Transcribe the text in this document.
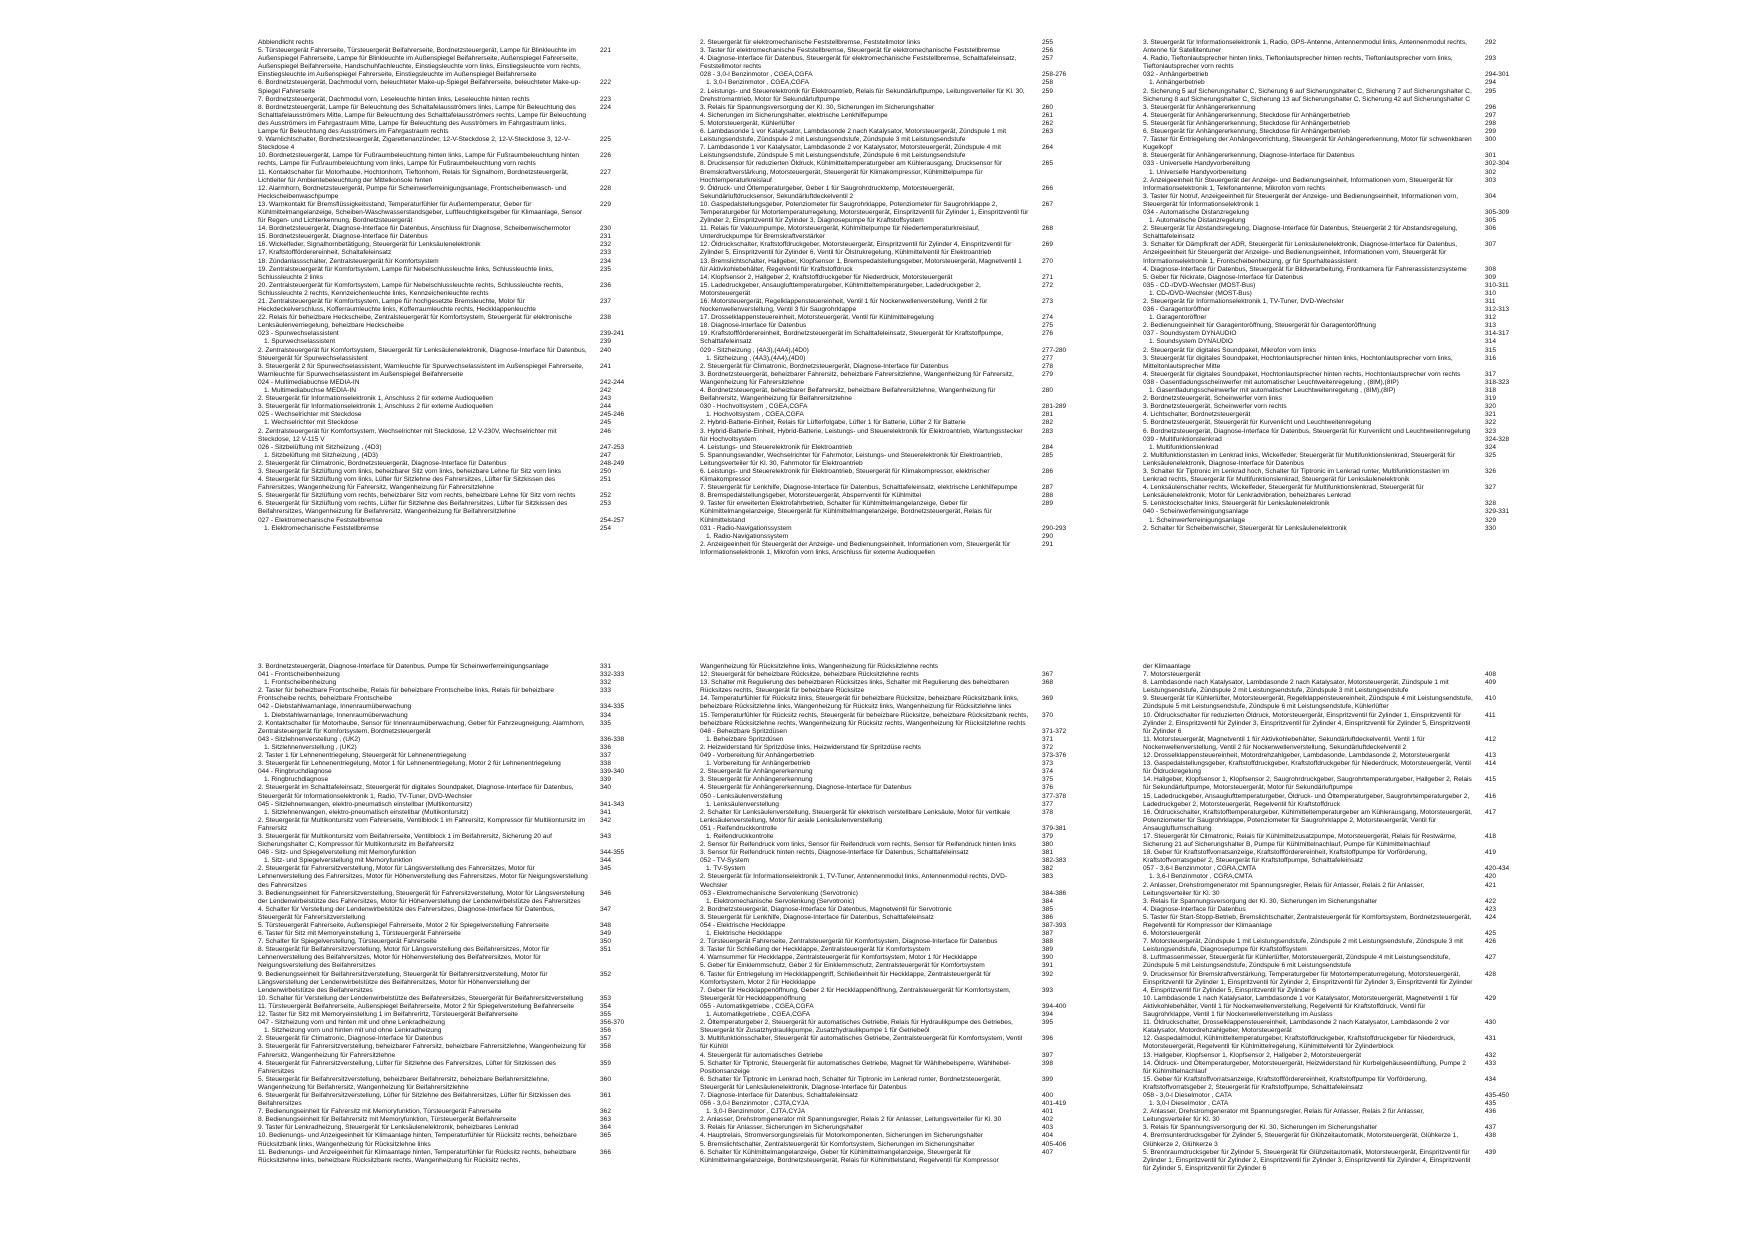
Abblendlicht rechts
5. Türsteuergerät Fahrerseite, Türsteuergerät Beifahrerseite, Bordnetzsteuergerät, Lampe für Blinkleuchte im Außenspiegel Fahrerseite, Lampe für Blinkleuchte im Außenspiegel Beifahrerseite, Außenspiegel Fahrerseite, Außenspiegel Beifahrerseite, Handschuhfachleuchte, Einstiegsleuchte vorn links, Einstiegsleuchte vorn rechts, Einstiegsleuchte im Außenspiegel Fahrerseite, Einstiegsleuchte im Außenspiegel Beifahrerseite
221
6. Bordnetzsteuergerät, Dachmodul vorn, beleuchteter Make-up-Spiegel Beifahrerseite, beleuchteter Make-up-Spiegel Fahrerseite
222
7. Bordnetzsteuergerät, Dachmodul vorn, Leseleuchte hinten links, Leseleuchte hinten rechts	223
8. Bordnetzsteuergerät, Lampe für Beleuchtung des Schaltafelausströmers links, Lampe für Beleuchtung des Schalttafelausströmers Mitte, Lampe für Beleuchtung des Schalttafelausströmers rechts, Lampe für Beleuchtung des Ausströmers im Fahrgastraum Mitte, Lampe für Beleuchtung des Ausströmers im Fahrgastraum links, Lampe für Beleuchtung des Ausströmers im Fahrgastraum rechts
224
9. Warnlichtschalter, Bordnetzsteuergerät, Zigarettenanzünder, 12-V-Steckdose 2, 12-V-Steckdose 3, 12-V-Steckdose 4
225
10. Bordnetzsteuergerät, Lampe für Fußraumbeleuchtung hinten links, Lampe für Fußraumbeleuchtung hinten rechts, Lampe für Fußraumbeleuchtung vorn links, Lampe für Fußraumbeleuchtung vorn rechts
226
11. Kontaktschalter für Motorhaube, Hochtonhorn, Tieftonhorn, Relais für Signalhorn, Bordnetzsteuergerät, Lichtleiter für Ambientebeleuchtung der Mittelkonsole hinten
227
12. Alarmhorn, Bordnetzsteuergerät, Pumpe für Scheinwerferreinigungsanlage, Frontscheibenwasch- und Heckscheibenwaschpumpe
228
13. Warnkontakt für Bremsflüssigkeitsstand, Temperaturfühler für Außentemperatur, Geber für Kühlmittelmangelanzeige, Scheiben-Waschwasserstandsgeber, Luftfeuchtigkeitsgeber für Klimaanlage, Sensor für Regen- und Lichterkennung, Bordnetzsteuergerät
229
14. Bordnetzsteuergerät, Diagnose-Interface für Datenbus, Anschluss für Diagnose, Scheibenwischermotor	230
15. Bordnetzsteuergerät, Diagnose-Interface für Datenbus	231
16. Wickelfeder, Signalhornbetätigung, Steuergerät für Lenksäulenelektronik	232
17. Kraftstoffförderereinheit, Schaltafeleinsatz	233
18. Zündanlassschalter, Zentralsteuergerät für Komfortsystem	234
19. Zentralsteuergerät für Komfortsystem, Lampe für Nebelschlussleuchte links, Schlussleuchte links, Schlussleuchte 2 links
235
20. Zentralsteuergerät für Komfortsystem, Lampe für Nebelschlussleuchte rechts, Schlussleuchte rechts, Schlussleuchte 2 rechts, Kennzeichenleuchte links, Kennzeichenleuchte rechts
236
21. Zentralsteuergerät für Komfortsystem, Lampe für hochgesetzte Bremsleuchte, Motor für Heckdeckelverschluss, Kofferraumleuchte links, Kofferraumleuchte rechts, Heckklappenleuchte
237
22. Relais für beheizbare Heckscheibe, Zentralsteuergerät für Komfortsystem, Steuergerät für elektronische Lenksäulenverriegelung, beheizbare Heckscheibe
238
023 - Spurwechselassistent	239-241
1. Spurwechselassistent	239
2. Zentralsteuergerät für Komfortsystem, Steuergerät für Lenksäulenelektronik, Diagnose-Interface für Datenbus, Steuergerät für Spurwechselassistent
240
3. Steuergerät 2 für Spurwechselassistent, Warnleuchte für Spurwechselassistent im Außenspiegel Fahrerseite, Warnleuchte für Spurwechselassistent im Außenspiegel Beifahrerseite
241
024 - Multimediabuchse MEDIA-IN	242-244
1. Multimediabuchse MEDIA-IN	242
2. Steuergerät für Informationselektronik 1, Anschluss 2 für externe Audioquellen	243
3. Steuergerät für Informationselektronik 1, Anschluss 2 für externe Audioquellen	244
025 - Wechselrichter mit Steckdose	245-246
1. Wechselrichter mit Steckdose	245
2. Zentralsteuergerät für Komfortsystem, Wechselrichter mit Steckdose, 12 V-230V, Wechselrichter mit Steckdose, 12 V-115 V
246
026 - Sitzbelüftung mit Sitzheizung , (4D3)	247-253
1. Sitzbelüftung mit Sitzheizung , (4D3)	247
2. Steuergerät für Climatronic, Bordnetzsteuergerät, Diagnose-Interface für Datenbus	248-249
3. Steuergerät für Sitzlüftung vorn links, beheizbarer Sitz vorn links, beheizbare Lehne für Sitz vorn links	250
4. Steuergerät für Sitzlüftung vorn links, Lüfter für Sitzlehne des Fahrersitzes, Lüfter für Sitzkissen des Fahrersitzes, Wangenheizung für Fahrersitz, Wangenheizung für Fahrersitzlehne
251
5. Steuergerät für Sitzlüftung vorn rechts, beheizbarer Sitz vorn rechts, beheizbare Lehne für Sitz vorn rechts	252
6. Steuergerät für Sitzlüftung vorn rechts, Lüfter für Sitzlehne des Beifahrersitzes, Lüfter für Sitzkissen des Beifahrersitzes, Wangenheizung für Beifahrersitz, Wangenheizung für Beifahrersitzlehne
253
027 - Elektromechanische Feststellbremse	254-257
1. Elektromechanische Feststellbremse	254
2. Steuergerät für elektromechanische Feststellbremse, Feststellmotor links	255
3. Taster für elektromechanische Feststellbremse, Steuergerät für elektromechanische Feststellbremse	256
4. Diagnose-Interface für Datenbus, Steuergerät für elektromechanische Feststellbremse, Schalttafeleinsatz, Feststellmotor rechts
257
028 - 3,0-l Benzinmotor , CGEA,CGFA	258-276
1. 3,0-l Benzinmotor , CGEA,CGFA	258
2. Leistungs- und Steuerelektronik für Elektroantrieb, Relais für Sekundärluftpumpe, Leitungsverteiler für Kl. 30, Drehstromantrieb, Motor für Sekundärluftpumpe
259
3. Relais für Spannungsversorgung der Kl. 30, Sicherungen im Sicherungshalter	260
4. Sicherungen im Sicherungshalter, elektrische Lenkhilfepumpe	261
5. Motorsteuergerät, Kühlerlüfter	262
6. Lambdasonde 1 vor Katalysator, Lambdasonde 2 nach Katalysator, Motorsteuergerät, Zündspule 1 mit Leistungsendstufe, Zündspule 2 mit Leistungsendstufe, Zündspule 3 mit Leistungsendstufe
263
7. Lambdasonde 1 vor Katalysator, Lambdasonde 2 vor Katalysator, Motorsteuergerät, Zündspule 4 mit Leistungsendstufe, Zündspule 5 mit Leistungsendstufe, Zündspule 6 mit Leistungsendstufe
264
8. Drucksensor für reduzierten Öldruck, Kühlmitteltemperaturgeber am Kühlerausgang, Drucksensor für Bremskraftverstärkung, Motorsteuergerät, Steuergerät für Klimakompressor, Kühlmittelpumpe für Hochtemperaturkreislauf
265
9. Öldruck- und Öltemperaturgeber, Geber 1 für Saugrohrdrucktemp, Motorsteuergerät, Sekundärluftdrucksensor, Sekundärluftdeckelventil 2
266
10. Gaspedalstellungsgeber, Potenziometer für Saugrohrklappe, Potenziometer für Saugrohrklappe 2, Temperaturgeber für Motortemperaturregelung, Motorsteuergerät, Einspritzventil für Zylinder 1, Einspritzventil für Zylinder 2, Einspritzventil für Zylinder 3, Diagnosepumpe für Kraftstoffsystem
267
11. Relais für Vakuumpumpe, Motorsteuergerät, Kühlmittelpumpe für Niedertemperaturkreislauf, Unterdruckpumpe für Bremskraftverstärker
268
12. Öldruckschalter, Kraftstoffdruckgeber, Motorsteuergerät, Einspritzventil für Zylinder 4, Einspritzventil für Zylinder 5, Einspritzventil für Zylinder 6, Ventil für Ölstrukregelung, Kühlmittelventil für Elektroantrieb
269
13. Bremslichtschalter, Hallgeber, Klopfsensor 1, Bremspedalstellungsgeber, Motorsteuergerät, Magnetventil 1 für Aktivkohlebehälter, Regelventil für Kraftstoffdruck
270
14. Klopfsensor 2, Hallgeber 2, Kraftstoffdruckgeber für Niederdruck, Motorsteuergerät	271
15. Ladedruckgeber, Ansauglufttemperaturgeber, Kühlmitteltemperaturgeber, Ladedruckgeber 2, Motorsteuergerät
272
16. Motorsteuergerät, Regelklappensteuereinheit, Ventil 1 für Nockenwellenverstellung, Ventil 2 für Nockenwellenverstellung, Ventil 3 für Saugrohrklappe
273
17. Drosselklappensteuereinheit, Motorsteuergerät, Ventil für Kühlmittelregelung	274
18. Diagnose-Interface für Datenbus	275
19. Kraftstoffförderereinheit, Bordnetzsteuergerät im Schalttafeleinsatz, Steuergerät für Kraftstoffpumpe, Schalttafeleinsatz
276
029 - Sitzheizung , (4A3),(4A4),(4D0)	277-280
1. Sitzheizung , (4A3),(4A4),(4D0)	277
2. Steuergerät für Climatronic, Bordnetzsteuergerät, Diagnose-Interface für Datenbus	278
3. Bordnetzsteuergerät, beheizbarer Fahrersitz, beheizbare Fahrersitzlehne, Wangenheizung für Fahrersitz, Wangenheizung für Fahrersitzlehne
279
4. Bordnetzsteuergerät, beheizbarer Beifahrersitz, beheizbare Beifahrersitzlehne, Wangenheizung für Beifahrersitz, Wangenheizung für Beifahrersitzlehne
280
030 - Hochvoltsystem , CGEA,CGFA	281-289
1. Hochvoltsystem , CGEA,CGFA	281
2. Hybrid-Batterie-Einheit, Relais für Lüfterfolgabe, Lüfter 1 für Batterie, Lüfter 2 für Batterie	282
3. Hybrid-Batterie-Einheit, Hybrid-Batterie, Leistungs- und Steuerelektronik für Elektroantrieb, Wartungsstecker für Hochvoltsystem
283
4. Leistungs- und Steuerelektronik für Elektroantrieb	284
5. Spannungswandler, Wechselrichter für Fahrmotor, Leistungs- und Steuerelektronik für Elektroantrieb, Leitungsverteiler für Kl. 30, Fahrmotor für Elektroantrieb
285
6. Leistungs- und Steuerelektronik für Elektroantrieb, Steuergerät für Klimakompressor, elektrischer Klimakompressor
286
7. Steuergerät für Lenkhilfe, Diagnose-Interface für Datenbus, Schalttafeleinsatz, elektrische Lenkhilfepumpe	287
8. Bremspedalstellungsgeber, Motorsteuergerät, Absperrventil für Kühlmittel	288
9. Taster für erweiterten Elektrofahrbetrieb, Schalter für Kühlmittelmangelanzeige, Geber für Kühlmittelmangelanzeige, Steuergerät für Kühlmittelmangelanzeige, Bordnetzsteuergerät, Relais für Kühlmittelstand
289
031 - Radio-Navigationssystem	290-293
1. Radio-Navigationssystem	290
2. Anzeigeeinheit für Steuergerät der Anzeige- und Bedienungseinheit, Informationen vorn, Steuergerät für Informationselektronik 1, Mikrofon vorn links, Anschluss für externe Audioquellen
291
3. Steuergerät für Informationselektronik 1, Radio, GPS-Antenne, Antennenmodul links, Antennenmodul rechts, Antenne für Satellitentuner
292
4. Radio, Tieftonlautsprecher hinten links, Tieftonlautsprecher hinten rechts, Tieftonlautsprecher vorn links, Tieftonlautsprecher vorn rechts
293
032 - Anhängerbetrieb	294-301
1. Anhängerbetrieb	294
2. Sicherung 5 auf Sicherungshalter C, Sicherung 6 auf Sicherungshalter C, Sicherung 7 auf Sicherungshalter C, Sicherung 8 auf Sicherungshalter C, Sicherung 13 auf Sicherungshalter C, Sicherung 42 auf Sicherungshalter C
295
3. Steuergerät für Anhängererkennung	296
4. Steuergerät für Anhängererkennung, Steckdose für Anhängerbetrieb	297
5. Steuergerät für Anhängererkennung, Steckdose für Anhängerbetrieb	298
6. Steuergerät für Anhängererkennung, Steckdose für Anhängerbetrieb	299
7. Taster für Entriegelung der Anhängevorrichtung, Steuergerät für Anhängererkennung, Motor für schwenkbaren Kugelkopf
300
8. Steuergerät für Anhängererkennung, Diagnose-Interface für Datenbus	301
033 - Universelle Handyvorbereitung	302-304
1. Universelle Handyvorbereitung	302
2. Anzeigeeinheit für Steuergerät der Anzeige- und Bedienungseinheit, Informationen vorn, Steuergerät für Informationselektronik 1, Telefonantenne, Mikrofon vorn rechts
303
3. Taster für Notruf, Anzeigeeinheit für Steuergerät der Anzeige- und Bedienungseinheit, Informationen vorn, Steuergerät für Informationselektronik 1
304
034 - Automatische Distanzregelung	305-309
1. Automatische Distanzregelung	305
2. Steuergerät für Abstandsregelung, Diagnose-Interface für Datenbus, Steuergerät 2 für Abstandsregelung, Schalttafeleinsatz
306
3. Schalter für Dämpfkraft der ADR, Steuergerät für Lenksäulenelektronik, Diagnose-Interface für Datenbus, Anzeigeeinheit für Steuergerät der Anzeige- und Bedienungseinheit, Informationen vorn, Steuergerät für Informationselektronik 1, Frontscheibenheizung, gr für Spurhalteassistent
307
4. Diagnose-Interface für Datenbus, Steuergerät für Bildverarbeitung, Frontkamera für Fahrerassistenzsysteme	308
5. Geber für Nickrate, Diagnose-Interface für Datenbus	309
035 - CD-/DVD-Wechsler (MOST-Bus)	310-311
1. CD-/DVD-Wechsler (MOST-Bus)	310
2. Steuergerät für Informationselektronik 1, TV-Tuner, DVD-Wechsler	311
036 - Garagentoröffner	312-313
1. Garagentoröffner	312
2. Bedienungseinheit für Garagentoröffnung, Steuergerät für Garagentoröffnung	313
037 - Soundsystem DYNAUDIO	314-317
1. Soundsystem DYNAUDIO	314
2. Steuergerät für digitales Soundpaket, Mikrofon vorn links	315
3. Steuergerät für digitales Soundpaket, Hochtonlautsprecher hinten links, Hochtonlautsprecher vorn links, Mitteltonlautsprecher Mitte
316
4. Steuergerät für digitales Soundpaket, Hochtonlautsprecher hinten rechts, Hochtonlautsprecher vorn rechts	317
038 - Gasentladungsscheinwerfer mit automatischer Leuchtweitenregelung , (8IM),(8IP)	318-323
1. Gasentladungsscheinwerfer mit automatischer Leuchtweitenregelung , (8IM),(8IP)	318
2. Bordnetzsteuergerät, Scheinwerfer vorn links	319
3. Bordnetzsteuergerät, Scheinwerfer vorn rechts	320
4. Lichtschalter, Bordnetzsteuergerät	321
5. Bordnetzsteuergerät, Steuergerät für Kurvenlicht und Leuchtweitenregelung	322
6. Bordnetzsteuergerät, Diagnose-Interface für Datenbus, Steuergerät für Kurvenlicht und Leuchtweitenregelung	323
039 - Multifunktionslenkrad	324-328
1. Multifunktionslenkrad	324
2. Multifunktionstasten im Lenkrad links, Wickelfeder, Steuergerät für Multifunktionslenkrad, Steuergerät für Lenksäulenelektronik, Diagnose-Interface für Datenbus
325
3. Schalter für Tiptronic im Lenkrad hoch, Schalter für Tiptronic im Lenkrad runter, Multifunktionstasten im Lenkrad rechts, Steuergerät für Multifunktionslenkrad, Steuergerät für Lenksäulenelektronik
326
4. Lenksäulenschalter rechts, Wickelfeder, Steuergerät für Multifunktionslenkrad, Steuergerät für Lenksäulenelektronik, Motor für Lenkradvibration, beheizbares Lenkrad
327
5. Lenkstockschalter links, Steuergerät für Lenksäulenelektronik	328
040 - Scheinwerferreinigungsanlage	329-331
1. Scheinwerferreinigungsanlage	329
2. Schalter für Scheibenwischer, Steuergerät für Lenksäulenelektronik	330
3. Bordnetzsteuergerät, Diagnose-Interface für Datenbus, Pumpe für Scheinwerferreinigungsanlage	331
041 - Frontscheibenheizung	332-333
1. Frontscheibenheizung	332
2. Taster für beheizbare Frontscheibe, Relais für beheizbare Frontscheibe links, Relais für beheizbare Frontscheibe rechts, beheizbare Frontscheibe
333
042 - Diebstahlwarnanlage, Innenraumüberwachung	334-335
1. Diebstahlwarnanlage, Innenraumüberwachung	334
2. Kontaktschalter für Motorhaube, Sensor für Innenraumüberwachung, Geber für Fahrzeugneigung, Alarmhorn, Zentralsteuergerät für Komfortsystem, Bordnetzsteuergerät
335
043 - Sitzlehnenverstellung , (UK2)	336-338
1. Sitzlehnenverstellung , (UK2)	336
2. Taster 1 für Lehnenentriegelung, Steuergerät für Lehnenentriegelung	337
3. Steuergerät für Lehnenentriegelung, Motor 1 für Lehnenentriegelung, Motor 2 für Lehnenentriegelung	338
044 - Ringbruchdiagnose	339-340
1. Ringbruchdiagnose	339
2. Steuergerät im Schalttafeleinsatz, Steuergerät für digitales Soundpaket, Diagnose-Interface für Datenbus, Steuergerät für Informationselektronik 1, Radio, TV-Tuner, DVD-Wechsler
340
045 - Sitzlehnenwangen, elektro-pneumatisch einstellbar (Multikontursitz)	341-343
1. Sitzlehnenwangen, elektro-pneumatisch einstellbar (Multikontursitz)	341
2. Steuergerät für Multikontursitz vorn Fahrerseite, Ventilblock 1 im Fahrersitz, Kompressor für Multikontursitz im Fahrersitz
342
3. Steuergerät für Multikontursitz vorn Beifahrerseite, Ventilblock 1 im Beifahrersitz, Sicherung 20 auf Sicherungshalter C, Kompressor für Multikontursitz im Beifahrersitz
343
046 - Sitz- und Spiegelverstellung mit Memoryfunktion	344-355
1. Sitz- und Spiegelverstellung mit Memoryfunktion	344
2. Steuergerät für Fahrersitzverstellung, Motor für Längsverstellung des Fahrersitzes, Motor für Lehnenverstellung des Fahrersitzes, Motor für Höhenverstellung des Fahrersitzes, Motor für Neigungsverstellung des Fahrersitzes
345
3. Bedienungseinheit für Fahrersitzverstellung, Steuergerät für Fahrersitzverstellung, Motor für Längsverstellung der Lendenwirbelstütze des Fahrersitzes, Motor für Höhenverstellung der Lendenwirbelstütze des Fahrersitzes
346
4. Schalter für Verstellung der Lendenwirbelstütze des Fahrersitzes, Diagnose-Interface für Datenbus, Steuergerät für Fahrersitzverstellung
347
5. Türsteuergerät Fahrerseite, Außenspiegel Fahrerseite, Motor 2 für Spiegelverstellung Fahrerseite	348
6. Taster für Sitz mit Memoryeinstellung 1, Türsteuergerät Fahrerseite	349
7. Schalter für Spiegelverstellung, Türsteuergerät Fahrerseite	350
8. Steuergerät für Beifahrersitzverstellung, Motor für Längsverstellung des Beifahrersitzes, Motor für Lehnenverstellung des Beifahrersitzes, Motor für Höhenverstellung des Beifahrersitzes, Motor für Neigungsverstellung des Beifahrersitzes
351
9. Bedienungseinheit für Beifahrersitzverstellung, Steuergerät für Beifahrersitzverstellung, Motor für Längsverstellung der Lendenwirbelstütze des Beifahrersitzes, Motor für Höhenverstellung der Lendenwirbelstütze des Beifahrersitzes
352
10. Schalter für Verstellung der Lendenwirbelstütze des Beifahrersitzes, Steuergerät für Beifahrersitzverstellung	353
11. Türsteuergerät Beifahrerseite, Außenspiegel Beifahrerseite, Motor 2 für Spiegelverstellung Beifahrerseite	354
12. Taster für Sitz mit Memoryeinstellung 1 im Beifahrerirtz, Türsteuergerät Beifahrerseite	355
047 - Sitzheizung vorn und hinten mit und ohne Lenkradheizung	356-370
1. Sitzheizung vorn und hinten mit und ohne Lenkradheizung	356
2. Steuergerät für Climatronic, Diagnose-Interface für Datenbus	357
3. Steuergerät für Fahrersitzverstellung, beheizbarer Fahrersitz, beheizbare Fahrersitzlehne, Wangenheizung für Fahrersitz, Wangenheizung für Fahrersitzlehne
358
4. Steuergerät für Fahrersitzverstellung, Lüfter für Sitzlehne des Fahrersitzes, Lüfter für Sitzkissen des Fahrersitzes
359
5. Steuergerät für Beifahrersitzverstellung, beheizbarer Beifahrersitz, beheizbare Beifahrersitzlehne, Wangenheizung für Beifahrersitz, Wangenheizung für Beifahrersitzlehne
360
6. Steuergerät für Beifahrersitzverstellung, Lüfter für Sitzlehne des Beifahrersitzes, Lüfter für Sitzkissen des Beifahrersitzes
361
7. Bedienungseinheit für Fahrersitz mit Memoryfunktion, Türsteuergerät Fahrerseite	362
8. Bedienungseinheit für Beifahrersitz mit Memoryfunktion, Türsteuergerät Beifahrerseite	363
9. Taster für Lenkradheizung, Steuergerät für Lenksäulenelektronik, beheizbares Lenkrad	364
10. Bedienungs- und Anzeigeeinheit für Klimaanlage hinten, Temperaturfühler für Rücksitz rechts, beheizbare Rücksitzbank links, Wangenheizung für Rücksitzlehne links
365
11. Bedienungs- und Anzeigeeinheit für Klimaanlage hinten, Temperaturfühler für Rücksitz rechts, beheizbare Rücksitzlehne links, beheizbare Rücksitzbank rechts, Wangenheizung für Rücksitz rechts,
366
Wangenheizung für Rücksitzlehne links, Wangenheizung für Rücksitzlehne rechts
12. Steuergerät für beheizbare Rücksitze, beheizbare Rücksitzlehne rechts	367
13. Schalter mit Regulierung des beheizbaren Rücksitzes links, Schalter mit Regulierung des beheizbaren Rücksitzes rechts, Steuergerät für beheizbare Rücksitze
368
14. Temperaturfühler für Rücksitz links, Steuergerät für beheizbare Rücksitze, beheizbare Rücksitzbank links, beheizbare Rücksitzlehne links, Wangenheizung für Rücksitz links, Wangenheizung für Rücksitzlehne links
369
15. Temperaturfühler für Rücksitz rechts, Steuergerät für beheizbare Rücksitze, beheizbare Rücksitzbank rechts, beheizbare Rücksitzlehne rechts, Wangenheizung für Rücksitz rechts, Wangenheizung für Rücksitzlehne rechts
370
048 - Beheizbare Spritzdüsen	371-372
1. Beheizbare Spritzdüsen	371
2. Heizwiderstand für Spritzdüse links, Heizwiderstand für Spritzdüse rechts	372
049 - Vorbereitung für Anhängerbetrieb	373-376
1. Vorbereitung für Anhängerbetrieb	373
2. Steuergerät für Anhängererkennung	374
3. Steuergerät für Anhängererkennung	375
4. Steuergerät für Anhängererkennung, Diagnose-Interface für Datenbus	376
050 - Lenksäulenverstellung	377-378
1. Lenksäulenverstellung	377
2. Schalter für Lenksäulenverstellung, Steuergerät für elektrisch verstellbare Lenksäule, Motor für vertikale Lenksäulenverstellung, Motor für axiale Lenksäulenverstellung
378
051 - Reifendruckkontrolle	379-381
1. Reifendruckkontrolle	379
2. Sensor für Reifendruck vorn links, Sensor für Reifendruck vorn rechts, Sensor für Reifendruck hinten links	380
3. Sensor für Reifendruck hinten rechts, Diagnose-Interface für Datenbus, Schalttafeleinsatz	381
052 - TV-System	382-383
1. TV-System	382
2. Steuergerät für Informationselektronik 1, TV-Tuner, Antennenmodul links, Antennenmodul rechts, DVD-Wechsler
383
053 - Elektromechanische Servolenkung (Servotronic)	384-386
1. Elektromechanische Servolenkung (Servotronic)	384
2. Bordnetzsteuergerät, Diagnose-Interface für Datenbus, Magnetventil für Servotronic	385
3. Steuergerät für Lenkhilfe, Diagnose-Interface für Datenbus, Schalttafeleinsatz	386
054 - Elektrische Heckklappe	387-393
1. Elektrische Heckklappe	387
2. Türsteuergerät Fahrerseite, Zentralsteuergerät für Komfortsystem, Diagnose-Interface für Datenbus	388
3. Taster für Schließung der Heckklappe, Zentralsteuergerät für Komfortsystem	389
4. Warnsummer für Heckklappe, Zentralsteuergerät für Komfortsystem, Motor 1 für Heckklappe	390
5. Geber für Einklemmschutz, Geber 2 für Einklemmschutz, Zentralsteuergerät für Komfortsystem	391
6. Taster für Entriegelung im Heckklappengriff, Schließeinheit für Heckklappe, Zentralsteuergerät für Komfortsystem, Motor 2 für Heckklappe
392
7. Geber für Heckklappenöffnung, Geber 2 für Heckklappenöffnung, Zentralsteuergerät für Komfortsystem, Steuergerät für Heckklappenöffnung
393
055 - Automatikgetriebe , CGEA,CGFA	394-400
1. Automatikgetriebe , CGEA,CGFA	394
2. Öltemperaturgeber 2, Steuergerät für automatisches Getriebe, Relais für Hydraulikpumpe des Getriebes, Steuergerät für Zusatzhydraulikpumpe, Zusatzhydraulikpumpe 1 für Getriebeöl
395
3. Multifunktionsschalter, Steuergerät für automatisches Getriebe, Zentralsteuergerät für Komfortsystem, Ventil für Kühlöl
396
4. Steuergerät für automatisches Getriebe	397
5. Schalter für Tiptronic, Steuergerät für automatisches Getriebe, Magnet für Wählhebelsperre, Wählhebel-Positionsanzeige
398
6. Schalter für Tiptronic im Lenkrad hoch, Schalter für Tiptronic im Lenkrad runter, Bordnetzsteuergerät, Steuergerät für Lenksäulenelektronik, Diagnose-Interface für Datenbus
399
7. Diagnose-Interface für Datenbus, Schalttafeleinsatz	400
056 - 3,0-l Benzinmotor , CJTA,CYJA	401-419
1. 3,0-l Benzinmotor , CJTA,CYJA	401
2. Anlasser, Drehstromgenerator mit Spannungsregler, Relais 2 für Anlasser, Leitungsverteiler für Kl. 30	402
3. Relais für Anlasser, Sicherungen im Sicherungshalter	403
4. Hauptrelais, Stromversorgungsrelais für Motorkomponenten, Sicherungen im Sicherungshalter	404
5. Bremslichtschalter, Zentralsteuergerät für Komfortsystem, Sicherungen im Sicherungshalter	405-406
6. Schalter für Kühlmittelmangelanzeige, Geber für Kühlmittelmangelanzeige, Steuergerät für Kühlmittelmangelanzeige, Bordnetzsteuergerät, Relais für Kühlmittelstand, Regelventil für Kompressor
407
der Klimaanlage
7. Motorsteuergerät	408
8. Lambdasonde nach Katalysator, Lambdasonde 2 nach Katalysator, Motorsteuergerät, Zündspule 1 mit Leistungsendstufe, Zündspule 2 mit Leistungsendstufe, Zündspule 3 mit Leistungsendstufe
409
9. Steuergerät für Kühlerlüfter, Motorsteuergerät, Regelklappensteuereinheit, Zündspule 4 mit Leistungsendstufe, Zündspule 5 mit Leistungsendstufe, Zündspule 6 mit Leistungsendstufe, Kühlerlüfter
410
10. Öldruckschalter für reduzierten Öldruck, Motorsteuergerät, Einspritzventil für Zylinder 1, Einspritzventil für Zylinder 2, Einspritzventil für Zylinder 3, Einspritzventil für Zylinder 4, Einspritzventil für Zylinder 5, Einspritzventil für Zylinder 6
411
11. Motorsteuergerät, Magnetventil 1 für Aktivkohlebehälter, Sekundärluftdeckelventil, Ventil 1 für Nockenwellenverstellung, Ventil 2 für Nockenwellenverstellung, Sekundärluftdeckelventil 2
412
12. Drosselklappensteuereinheit, Motordrehzahlgeber, Lambdasonde, Lambdasonde 2, Motorsteuergerät	413
13. Gaspedalstellungsgeber, Kraftstoffdruckgeber, Kraftstoffdruckgeber für Niederdruck, Motorsteuergerät, Ventil für Öldruckregelung
414
14. Hallgeber, Klopfsensor 1, Klopfsensor 2, Saugrohrdruckgeber, Saugrohrtemperaturgeber, Hallgeber 2, Relais für Sekundärluftpumpe, Motorsteuergerät, Motor für Sekundärluftpumpe
415
15. Ladedruckgeber, Ansauglufttemperaturgeber, Öldruck- und Öltemperaturgeber, Saugrohrtemperaturgeber 2, Ladedruckgeber 2, Motorsteuergerät, Regelventil für Kraftstoffdruck
416
16. Öldruckschalter, Kraftstofftemperaturgeber, Kühlmitteltemperaturgeber am Kühlerausgang, Motorsteuergerät, Potenziometer für Saugrohrklappe, Potenziometer für Saugrohrklappe 2, Motorsteuergerät, Ventil für Ansaugluftumschaltung
417
17. Steuergerät für Climatronic, Relais für Kühlmittelzusatzpumpe, Motorsteuergerät, Relais für Restwärme, Sicherung 21 auf Sicherungshalter B, Pumpe für Kühlmittelnachlauf, Pumpe für Kühlmittelnachlauf
418
18. Geber für Kraftstoffvorratsanzeige, Kraftstoffförderereinheit, Kraftstoffpumpe für Vorförderung, Kraftstoffvorratsgeber 2, Steuergerät für Kraftstoffpumpe, Schalttafeleinsatz
419
057 - 3,6-l Benzinmotor , CGRA,CMTA	420-434
1. 3,6-l Benzinmotor , CGRA,CMTA	420
2. Anlasser, Drehstromgenerator mit Spannungsregler, Relais für Anlasser, Relais 2 für Anlasser, Leitungsverteiler für Kl. 30
421
3. Relais für Spannungsversorgung der Kl. 30, Sicherungen im Sicherungshalter	422
4. Diagnose-Interface für Datenbus	423
5. Taster für Start-Stopp-Betrieb, Bremslichtschalter, Zentralsteuergerät für Komfortsystem, Bordnetzsteuergerät, Regelventil für Kompressor der Klimaanlage
424
6. Motorsteuergerät	425
7. Motorsteuergerät, Zündspule 1 mit Leistungsendstufe, Zündspule 2 mit Leistungsendstufe, Zündspule 3 mit Leistungsendstufe, Diagnosepumpe für Kraftstoffsystem
426
8. Luftmassenmesser, Steuergerät für Kühlerlüfter, Motorsteuergerät, Zündspule 4 mit Leistungsendstufe, Zündspule 5 mit Leistungsendstufe, Zündspule 6 mit Leistungsendstufe
427
9. Drucksensor für Bremskraftverstärkung, Temperaturgeber für Motortemperaturregelung, Motorsteuergerät, Einspritzventil für Zylinder 1, Einspritzventil für Zylinder 2, Einspritzventil für Zylinder 3, Einspritzventil für Zylinder 4, Einspritzventil für Zylinder 5, Einspritzventil für Zylinder 6
428
10. Lambdasonde 1 nach Katalysator, Lambdasonde 1 vor Katalysator, Motorsteuergerät, Magnetventil 1 für Aktivkohlebehälter, Ventil 1 für Nockenwellenverstellung, Regelventil für Kraftstoffdruck, Ventil für Saugrohrklappe, Ventil 1 für Nockenwellenverstellung im Auslass
429
11. Öldruckschalter, Drosselklappensteuereinheit, Lambdasonde 2 nach Katalysator, Lambdasonde 2 vor Katalysator, Motordrehzahlgeber, Motorsteuergerät
430
12. Gaspedalmodul, Kühlmitteltemperaturgeber, Kraftstoffdruckgeber, Kraftstoffdruckgeber für Niederdruck, Motorsteuergerät, Regelventil für Kühlmittelregelung, Kühlmittelventil für Zylinderblock
431
13. Hallgeber, Klopfsensor 1, Klopfsensor 2, Hallgeber 2, Motorsteuergerät	432
14. Öldruck- und Öltemperaturgeber, Motorsteuergerät, Heizwiderstand für Kurbelgehäuseentlüftung, Pumpe 2 für Kühlmittelnachlauf
433
15. Geber für Kraftstoffvorratsanzeige, Kraftstoffförderereinheit, Kraftstoffpumpe für Vorförderung, Kraftstoffvorratsgeber 2, Steuergerät für Kraftstoffpumpe, Schalttafeleinsatz
434
058 - 3,0-l Dieselmotor , CATA	435-450
1. 3,0-l Dieselmotor , CATA	435
2. Anlasser, Drehstromgenerator mit Spannungsregler, Relais für Anlasser, Relais 2 für Anlasser, Leitungsverteiler für Kl. 30
436
3. Relais für Spannungsversorgung der Kl. 30, Sicherungen im Sicherungshalter	437
4. Bremsunterdrucksgeber für Zylinder 5, Steuergerät für Glühzeitautomatik, Motorsteuergerät, Glühkerze 1, Glühkerze 2, Glühkerze 3
438
5. Brennraumdrucksgeber für Zylinder 5, Steuergerät für Glühzeitautomatik, Motorsteuergerät, Einspritzventil für Zylinder 1, Einspritzventil für Zylinder 2, Einspritzventil für Zylinder 3, Einspritzventil für Zylinder 4, Einspritzventil für Zylinder 5, Einspritzventil für Zylinder 6
439
